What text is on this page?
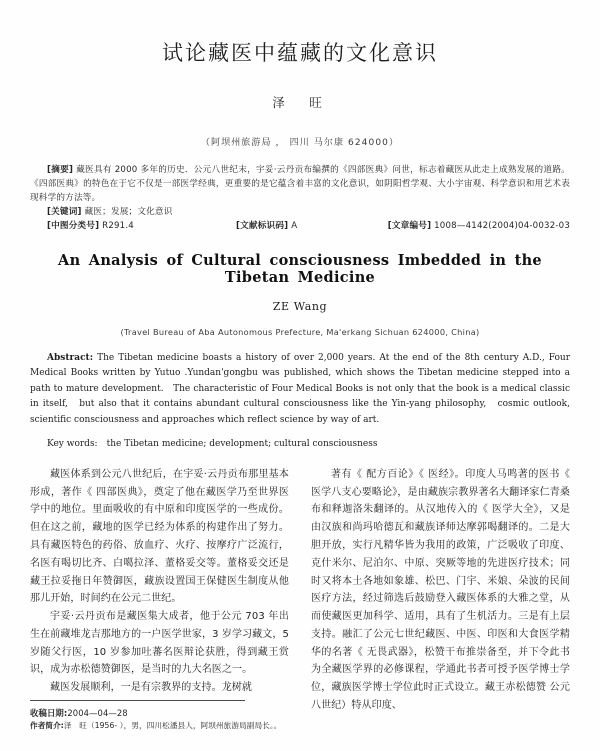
试论藏医中蕴藏的文化意识
泽　旺
（阿坝州旅游局 ， 四川 马尔康 624000）

[摘要] 藏医具有 2000 多年的历史．公元八世纪末，宇妥·云丹贡布编撰的《四部医典》问世，标志着藏医从此走上成熟发展的道路。《四部医典》的特色在于它不仅是一部医学经典，更重要的是它蕴含着丰富的文化意识，如阴阳哲学观、大小宇宙观、科学意识和用艺术表现科学的方法等。

[关键词] 藏医；发展；文化意识

[中图分类号] R291.4	[文献标识码] A	[文章编号] 1008—4142(2004)04-0032-03

An Analysis of Cultural consciousness Imbedded in the Tibetan Medicine
ZE Wang
(Travel Bureau of Aba Autonomous Prefecture, Ma'erkang Sichuan 624000, China)

Abstract: The Tibetan medicine boasts a history of over 2,000 years. At the end of the 8th century A.D., Four Medical Books written by Yutuo .Yundan'gongbu was published, which shows the Tibetan medicine stepped into a path to mature development.　The characteristic of Four Medical Books is not only that the book is a medical classic in itself,　but also that it contains abundant cultural consciousness like the Yin-yang philosophy,　cosmic outlook, scientific consciousness and approaches which reflect science by way of art.

Key words:　 the Tibetan medicine; development; cultural consciousness

藏医体系到公元八世纪后，在宇妥·云丹贡布那里基本形成，著作《 四部医典》，奠定了他在藏医学乃至世界医学中的地位。里面吸收的有中原和印度医学的一些成份。但在这之前，藏地的医学已经为体系的构建作出了努力。具有藏医特色的药俗、放血疗、火疗、按摩疗广泛流行，名医有喝切比齐、白噶拉泽、董格妥交等。董格妥交还是藏王拉妥拖日年赞御医，藏族设置国王保健医生制度从他那儿开始，时间约在公元二世纪。

宇妥·云丹贡布是藏医集大成者，他于公元 703 年出生在前藏堆龙吉那地方的一户医学世家，3 岁学习藏文，5 岁随父行医，10 岁参加吐蕃名医辩论获胜，得到藏王赏识，成为赤松德赞御医，是当时的九大名医之一。

藏医发展顺利，一是有宗教界的支持。龙树就

著有《 配方百论》《 医经》。印度人马鸣著的医书《 医学八支心要略论》，是由藏族宗教界著名大翻译家仁青桑布和释迦洛朱翻译的。从汉地传入的《 医学大全》，又是由汉族和尚玛哈德瓦和藏族译师达摩郭喝翻译的。二是大胆开放，实行凡精华皆为我用的政策，广泛吸收了印度、克什米尔、尼泊尔、中原、突厥等地的先进医疗技术；同时又将本土各地如象雄、松巴、门宇、米娘、朵波的民间医疗方法，经过筛选后鼓励登入藏医体系的大雅之堂，从而使藏医更加科学、适用，具有了生机活力。三是有上层支持。融汇了公元七世纪藏医、中医、印医和大食医学精华的名著《 无畏武器》，松赞干布推崇备至，并下令此书为全藏医学界的必修课程，学通此书者可授予医学博士学位，藏族医学博士学位此时正式设立。藏王赤松德赞 公元八世纪）特从印度、

收稿日期:2004—04—28
作者简介:泽　旺（1956- ），男，四川松潘县人，阿坝州旅游局副局长。。
